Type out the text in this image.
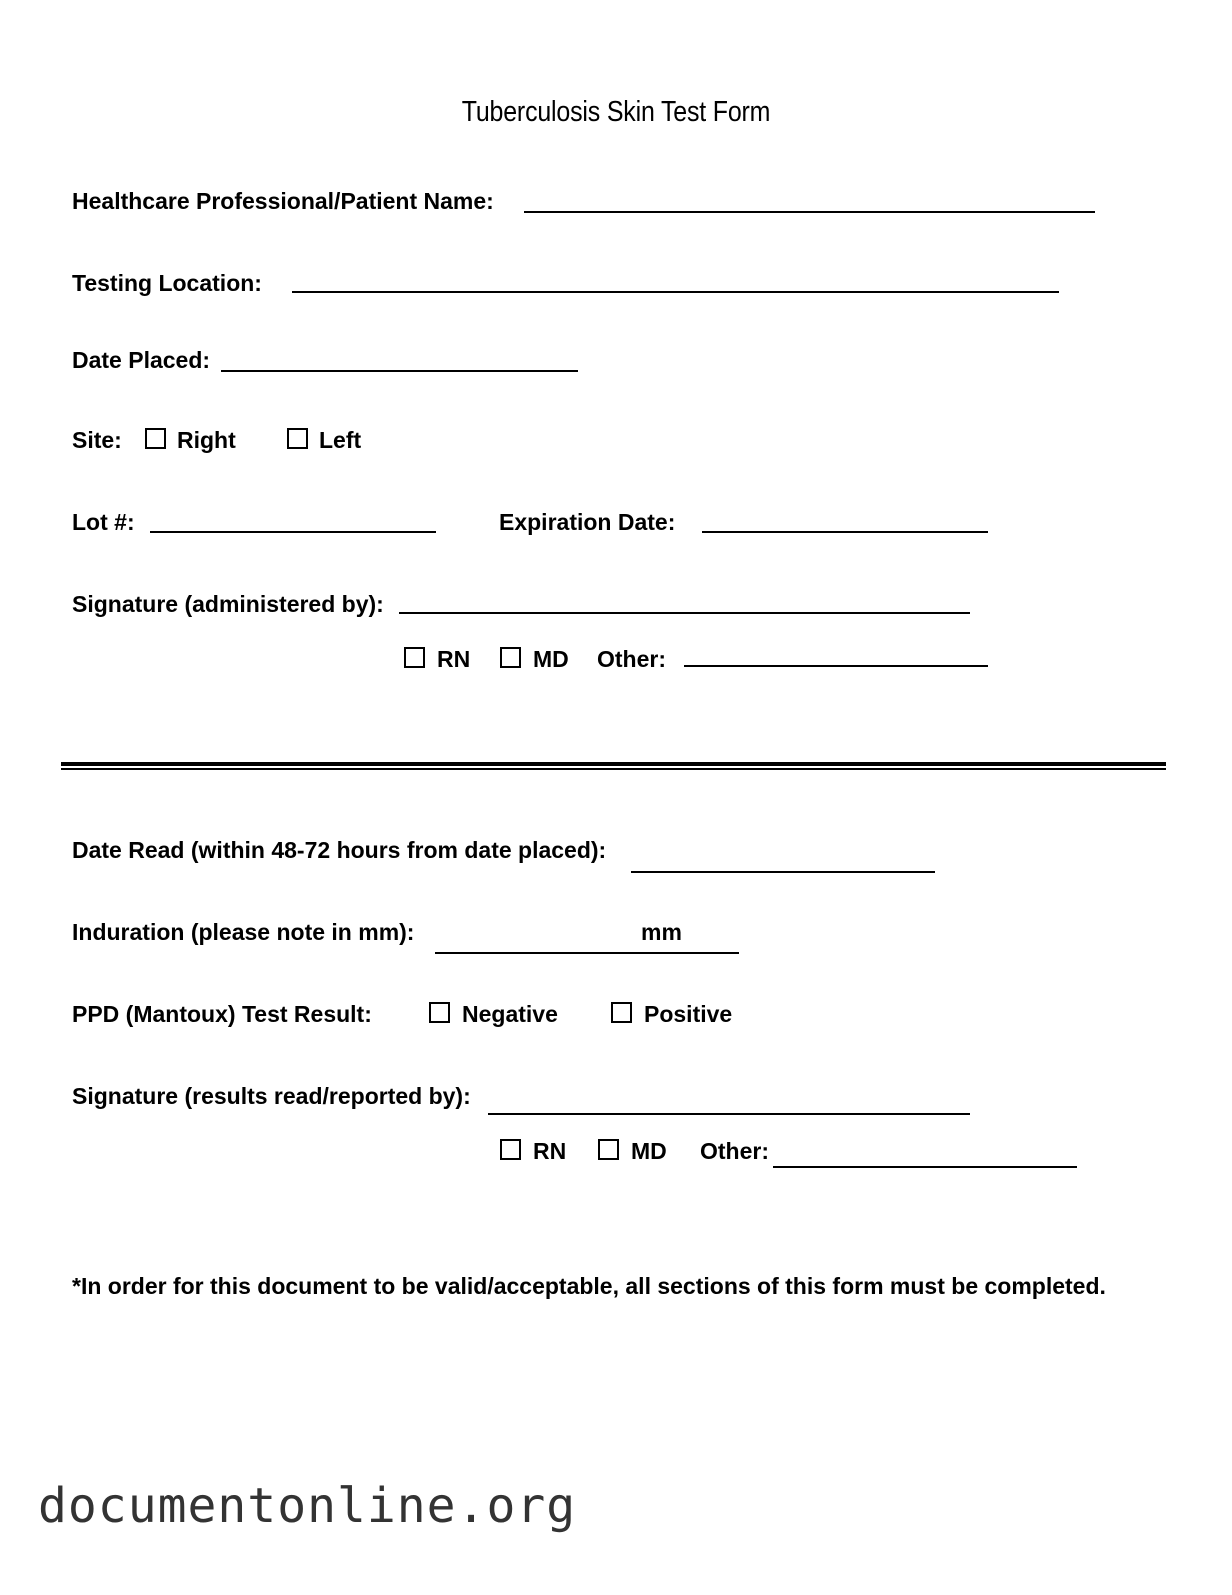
Tuberculosis Skin Test Form
Healthcare Professional/Patient Name:
Testing Location:
Date Placed:
Site: Right	Left
Lot #:	Expiration Date:
Signature (administered by):
RN	MD Other:
Date Read (within 48-72 hours from date placed):
Induration (please note in mm):	mm
PPD (Mantoux) Test Result:	Negative	Positive
Signature (results read/reported by):
RN	MD Other:
*In order for this document to be valid/acceptable, all sections of this form must be completed.
documentonline.org
